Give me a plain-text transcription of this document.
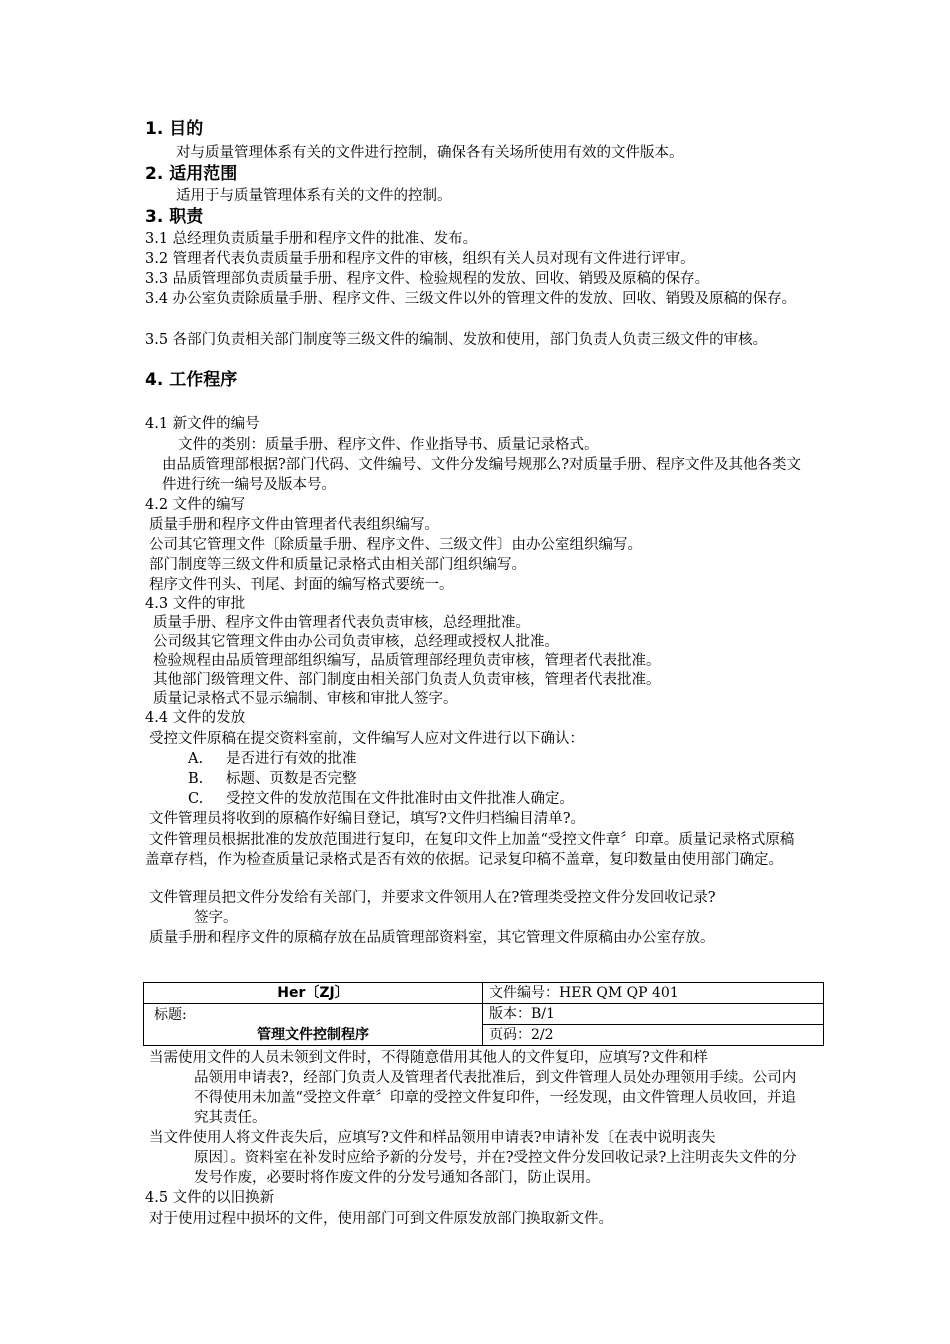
1. 目的
对与质量管理体系有关的文件进行控制，确保各有关场所使用有效的文件版本。
2. 适用范围
适用于与质量管理体系有关的文件的控制。
3. 职责
3.1 总经理负责质量手册和程序文件的批准、发布。
3.2 管理者代表负责质量手册和程序文件的审核，组织有关人员对现有文件进行评审。
3.3 品质管理部负责质量手册、程序文件、检验规程的发放、回收、销毁及原稿的保存。
3.4 办公室负责除质量手册、程序文件、三级文件以外的管理文件的发放、回收、销毁及原稿的保存。
3.5 各部门负责相关部门制度等三级文件的编制、发放和使用，部门负责人负责三级文件的审核。
4. 工作程序
4.1 新文件的编号
文件的类别：质量手册、程序文件、作业指导书、质量记录格式。
由品质管理部根据?部门代码、文件编号、文件分发编号规那么?对质量手册、程序文件及其他各类文件进行统一编号及版本号。
4.2 文件的编写
质量手册和程序文件由管理者代表组织编写。
公司其它管理文件〔除质量手册、程序文件、三级文件〕由办公室组织编写。
部门制度等三级文件和质量记录格式由相关部门组织编写。
程序文件刊头、刊尾、封面的编写格式要统一。
4.3 文件的审批
质量手册、程序文件由管理者代表负责审核，总经理批准。
公司级其它管理文件由办公司负责审核，总经理或授权人批准。
检验规程由品质管理部组织编写，品质管理部经理负责审核，管理者代表批准。
其他部门级管理文件、部门制度由相关部门负责人负责审核，管理者代表批准。
质量记录格式不显示编制、审核和审批人签字。
4.4 文件的发放
受控文件原稿在提交资料室前，文件编写人应对文件进行以下确认：
A. 是否进行有效的批准
B. 标题、页数是否完整
C. 受控文件的发放范围在文件批准时由文件批准人确定。
文件管理员将收到的原稿作好编目登记，填写?文件归档编目清单?。
文件管理员根据批准的发放范围进行复印，在复印文件上加盖“受控文件章〞印章。质量记录格式原稿盖章存档，作为检查质量记录格式是否有效的依据。记录复印稿不盖章，复印数量由使用部门确定。
文件管理员把文件分发给有关部门，并要求文件领用人在?管理类受控文件分发回收记录?
签字。
质量手册和程序文件的原稿存放在品质管理部资料室，其它管理文件原稿由办公室存放。
Her〔ZJ〕	文件编号：HER QM QP 401

标题:
管理文件控制程序	版本：B/1
	页码：2/2
当需使用文件的人员未领到文件时，不得随意借用其他人的文件复印，应填写?文件和样
品领用申请表?，经部门负责人及管理者代表批准后，到文件管理人员处办理领用手续。公司内不得使用未加盖“受控文件章〞印章的受控文件复印件，一经发现，由文件管理人员收回，并追究其责任。
当文件使用人将文件丧失后，应填写?文件和样品领用申请表?申请补发〔在表中说明丧失
原因〕。资料室在补发时应给予新的分发号，并在?受控文件分发回收记录?上注明丧失文件的分发号作废，必要时将作废文件的分发号通知各部门，防止误用。
4.5 文件的以旧换新
对于使用过程中损坏的文件，使用部门可到文件原发放部门换取新文件。
